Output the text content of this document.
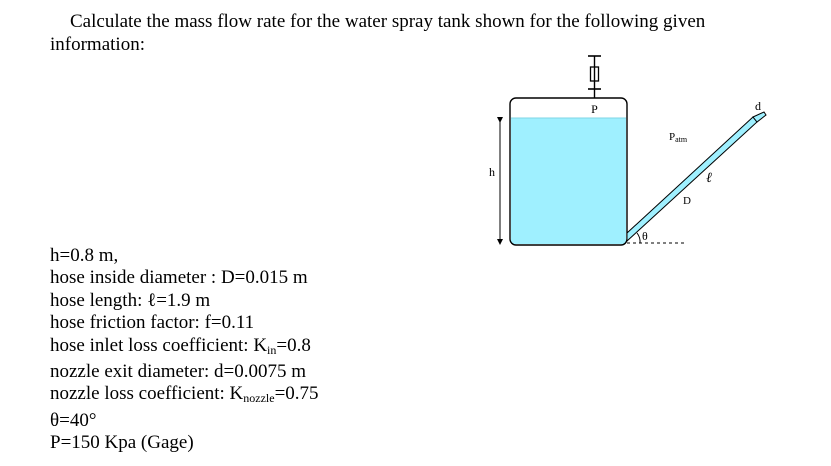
Calculate the mass flow rate for the water spray tank shown for the following given information:
h=0.8 m,
hose inside diameter : D=0.015 m
hose length: ℓ=1.9 m
hose friction factor: f=0.11
hose inlet loss coefficient: $K_{in}=0.8$
nozzle exit diameter: d=0.0075 m
nozzle loss coefficient: $K_{nozzle}=0.75$
θ=40°
P=150 Kpa (Gage)
P
h
θ
Patm
ℓ
D
d
